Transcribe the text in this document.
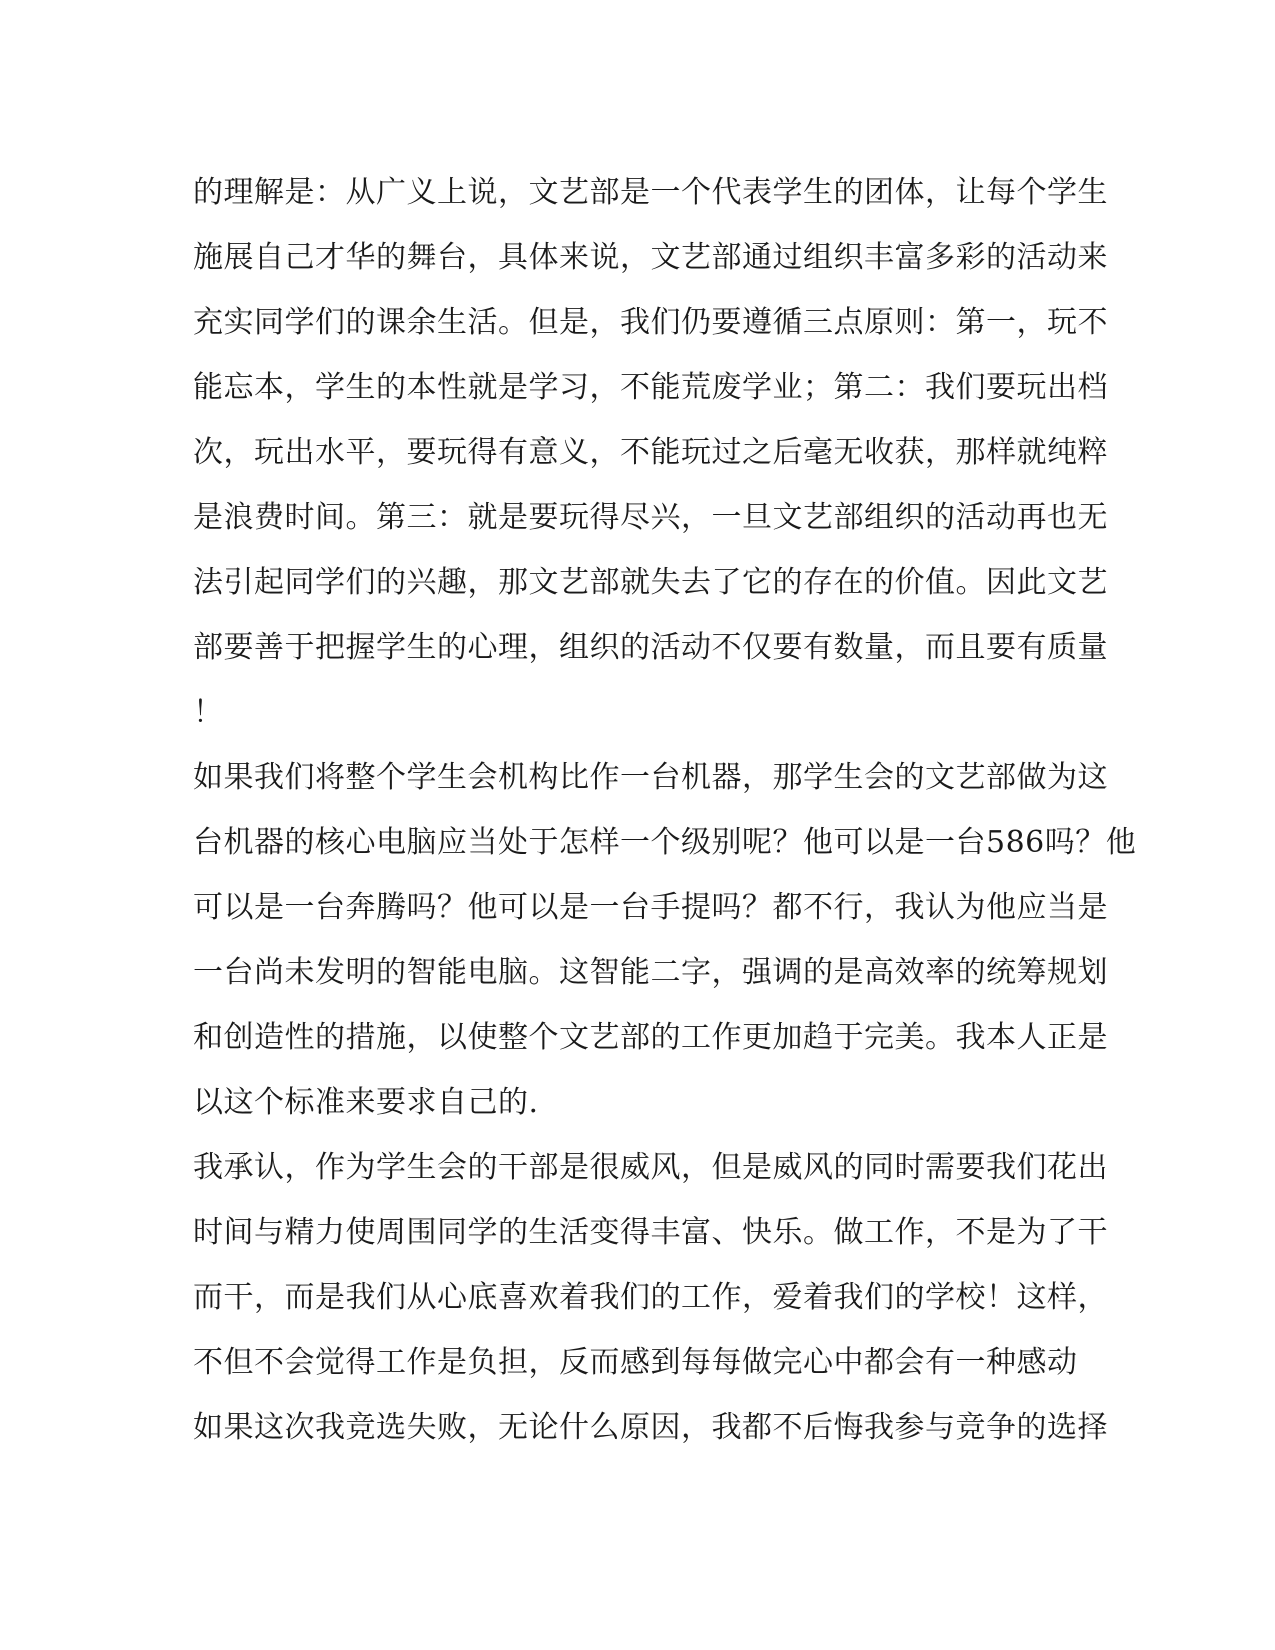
的理解是：从广义上说，文艺部是一个代表学生的团体，让每个学生
施展自己才华的舞台，具体来说，文艺部通过组织丰富多彩的活动来
充实同学们的课余生活。但是，我们仍要遵循三点原则：第一，玩不
能忘本，学生的本性就是学习，不能荒废学业；第二：我们要玩出档
次，玩出水平，要玩得有意义，不能玩过之后毫无收获，那样就纯粹
是浪费时间。第三：就是要玩得尽兴，一旦文艺部组织的活动再也无
法引起同学们的兴趣，那文艺部就失去了它的存在的价值。因此文艺
部要善于把握学生的心理，组织的活动不仅要有数量，而且要有质量
！
如果我们将整个学生会机构比作一台机器，那学生会的文艺部做为这
台机器的核心电脑应当处于怎样一个级别呢？他可以是一台586吗？他
可以是一台奔腾吗？他可以是一台手提吗？都不行，我认为他应当是
一台尚未发明的智能电脑。这智能二字，强调的是高效率的统筹规划
和创造性的措施，以使整个文艺部的工作更加趋于完美。我本人正是
以这个标准来要求自己的.
我承认，作为学生会的干部是很威风，但是威风的同时需要我们花出
时间与精力使周围同学的生活变得丰富、快乐。做工作，不是为了干
而干，而是我们从心底喜欢着我们的工作，爱着我们的学校！这样，
不但不会觉得工作是负担，反而感到每每做完心中都会有一种感动
如果这次我竞选失败，无论什么原因，我都不后悔我参与竞争的选择
